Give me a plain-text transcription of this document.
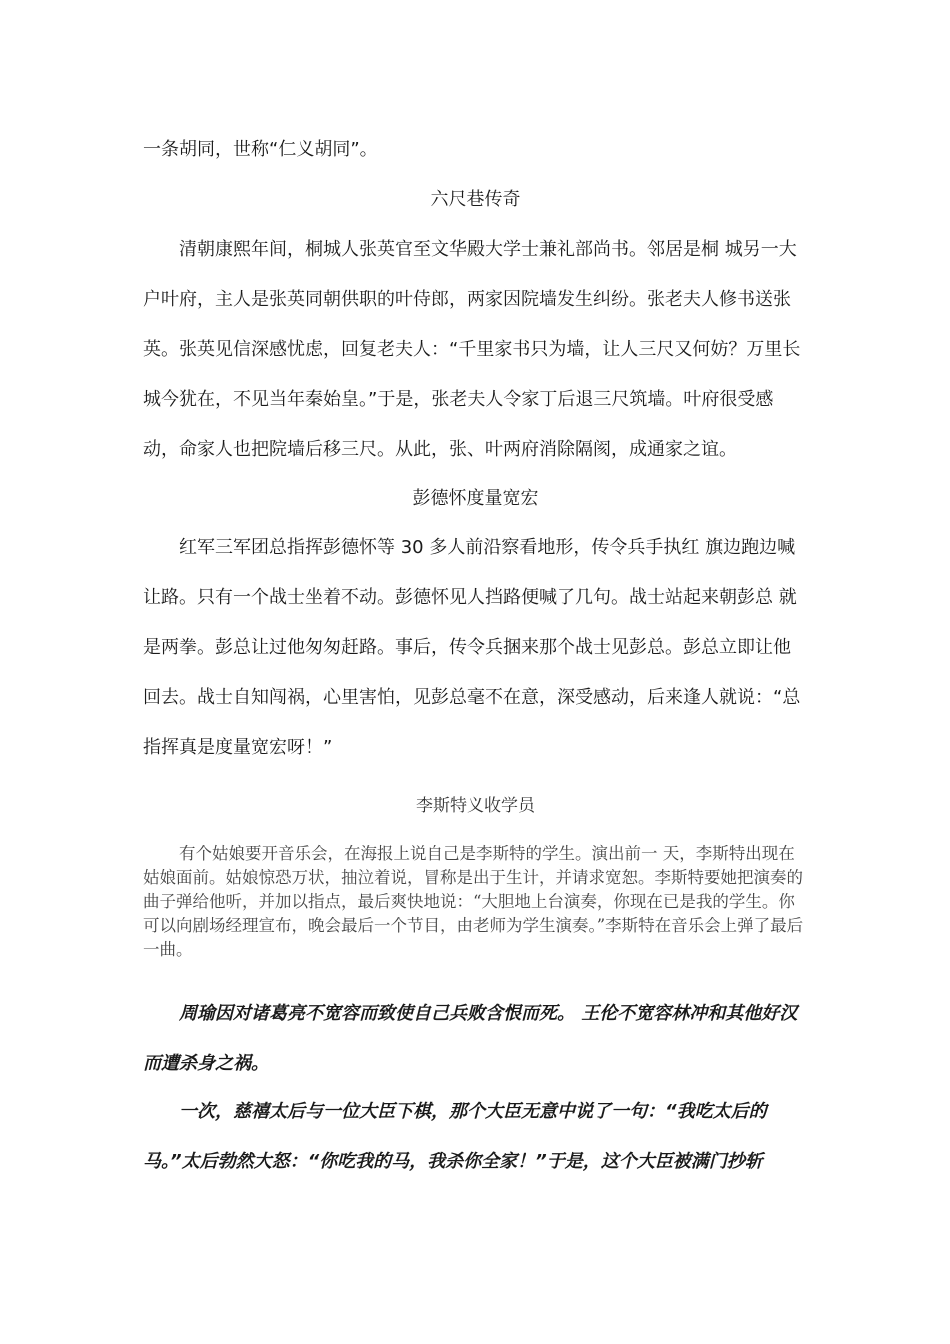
一条胡同，世称“仁义胡同”。

六尺巷传奇

清朝康熙年间，桐城人张英官至文华殿大学士兼礼部尚书。邻居是桐 城另一大户叶府，主人是张英同朝供职的叶侍郎，两家因院墙发生纠纷。张老夫人修书送张英。张英见信深感忧虑，回复老夫人：“千里家书只为墙，让人三尺又何妨？万里长城今犹在，不见当年秦始皇。”于是，张老夫人令家丁后退三尺筑墙。叶府很受感动，命家人也把院墙后移三尺。从此，张、叶两府消除隔阂，成通家之谊。

彭德怀度量宽宏

红军三军团总指挥彭德怀等 30 多人前沿察看地形，传令兵手执红 旗边跑边喊让路。只有一个战士坐着不动。彭德怀见人挡路便喊了几句。战士站起来朝彭总 就是两拳。彭总让过他匆匆赶路。事后，传令兵捆来那个战士见彭总。彭总立即让他回去。战士自知闯祸，心里害怕，见彭总毫不在意，深受感动，后来逢人就说：“总指挥真是度量宽宏呀！”

李斯特义收学员

有个姑娘要开音乐会，在海报上说自己是李斯特的学生。演出前一 天，李斯特出现在姑娘面前。姑娘惊恐万状，抽泣着说，冒称是出于生计，并请求宽恕。李斯特要她把演奏的曲子弹给他听，并加以指点，最后爽快地说：“大胆地上台演奏，你现在已是我的学生。你可以向剧场经理宣布，晚会最后一个节目，由老师为学生演奏。”李斯特在音乐会上弹了最后一曲。

周瑜因对诸葛亮不宽容而致使自己兵败含恨而死。 王伦不宽容林冲和其他好汉而遭杀身之祸。

一次，慈禧太后与一位大臣下棋，那个大臣无意中说了一句：“我吃太后的马。”太后勃然大怒：“你吃我的马，我杀你全家！”于是，这个大臣被满门抄斩
